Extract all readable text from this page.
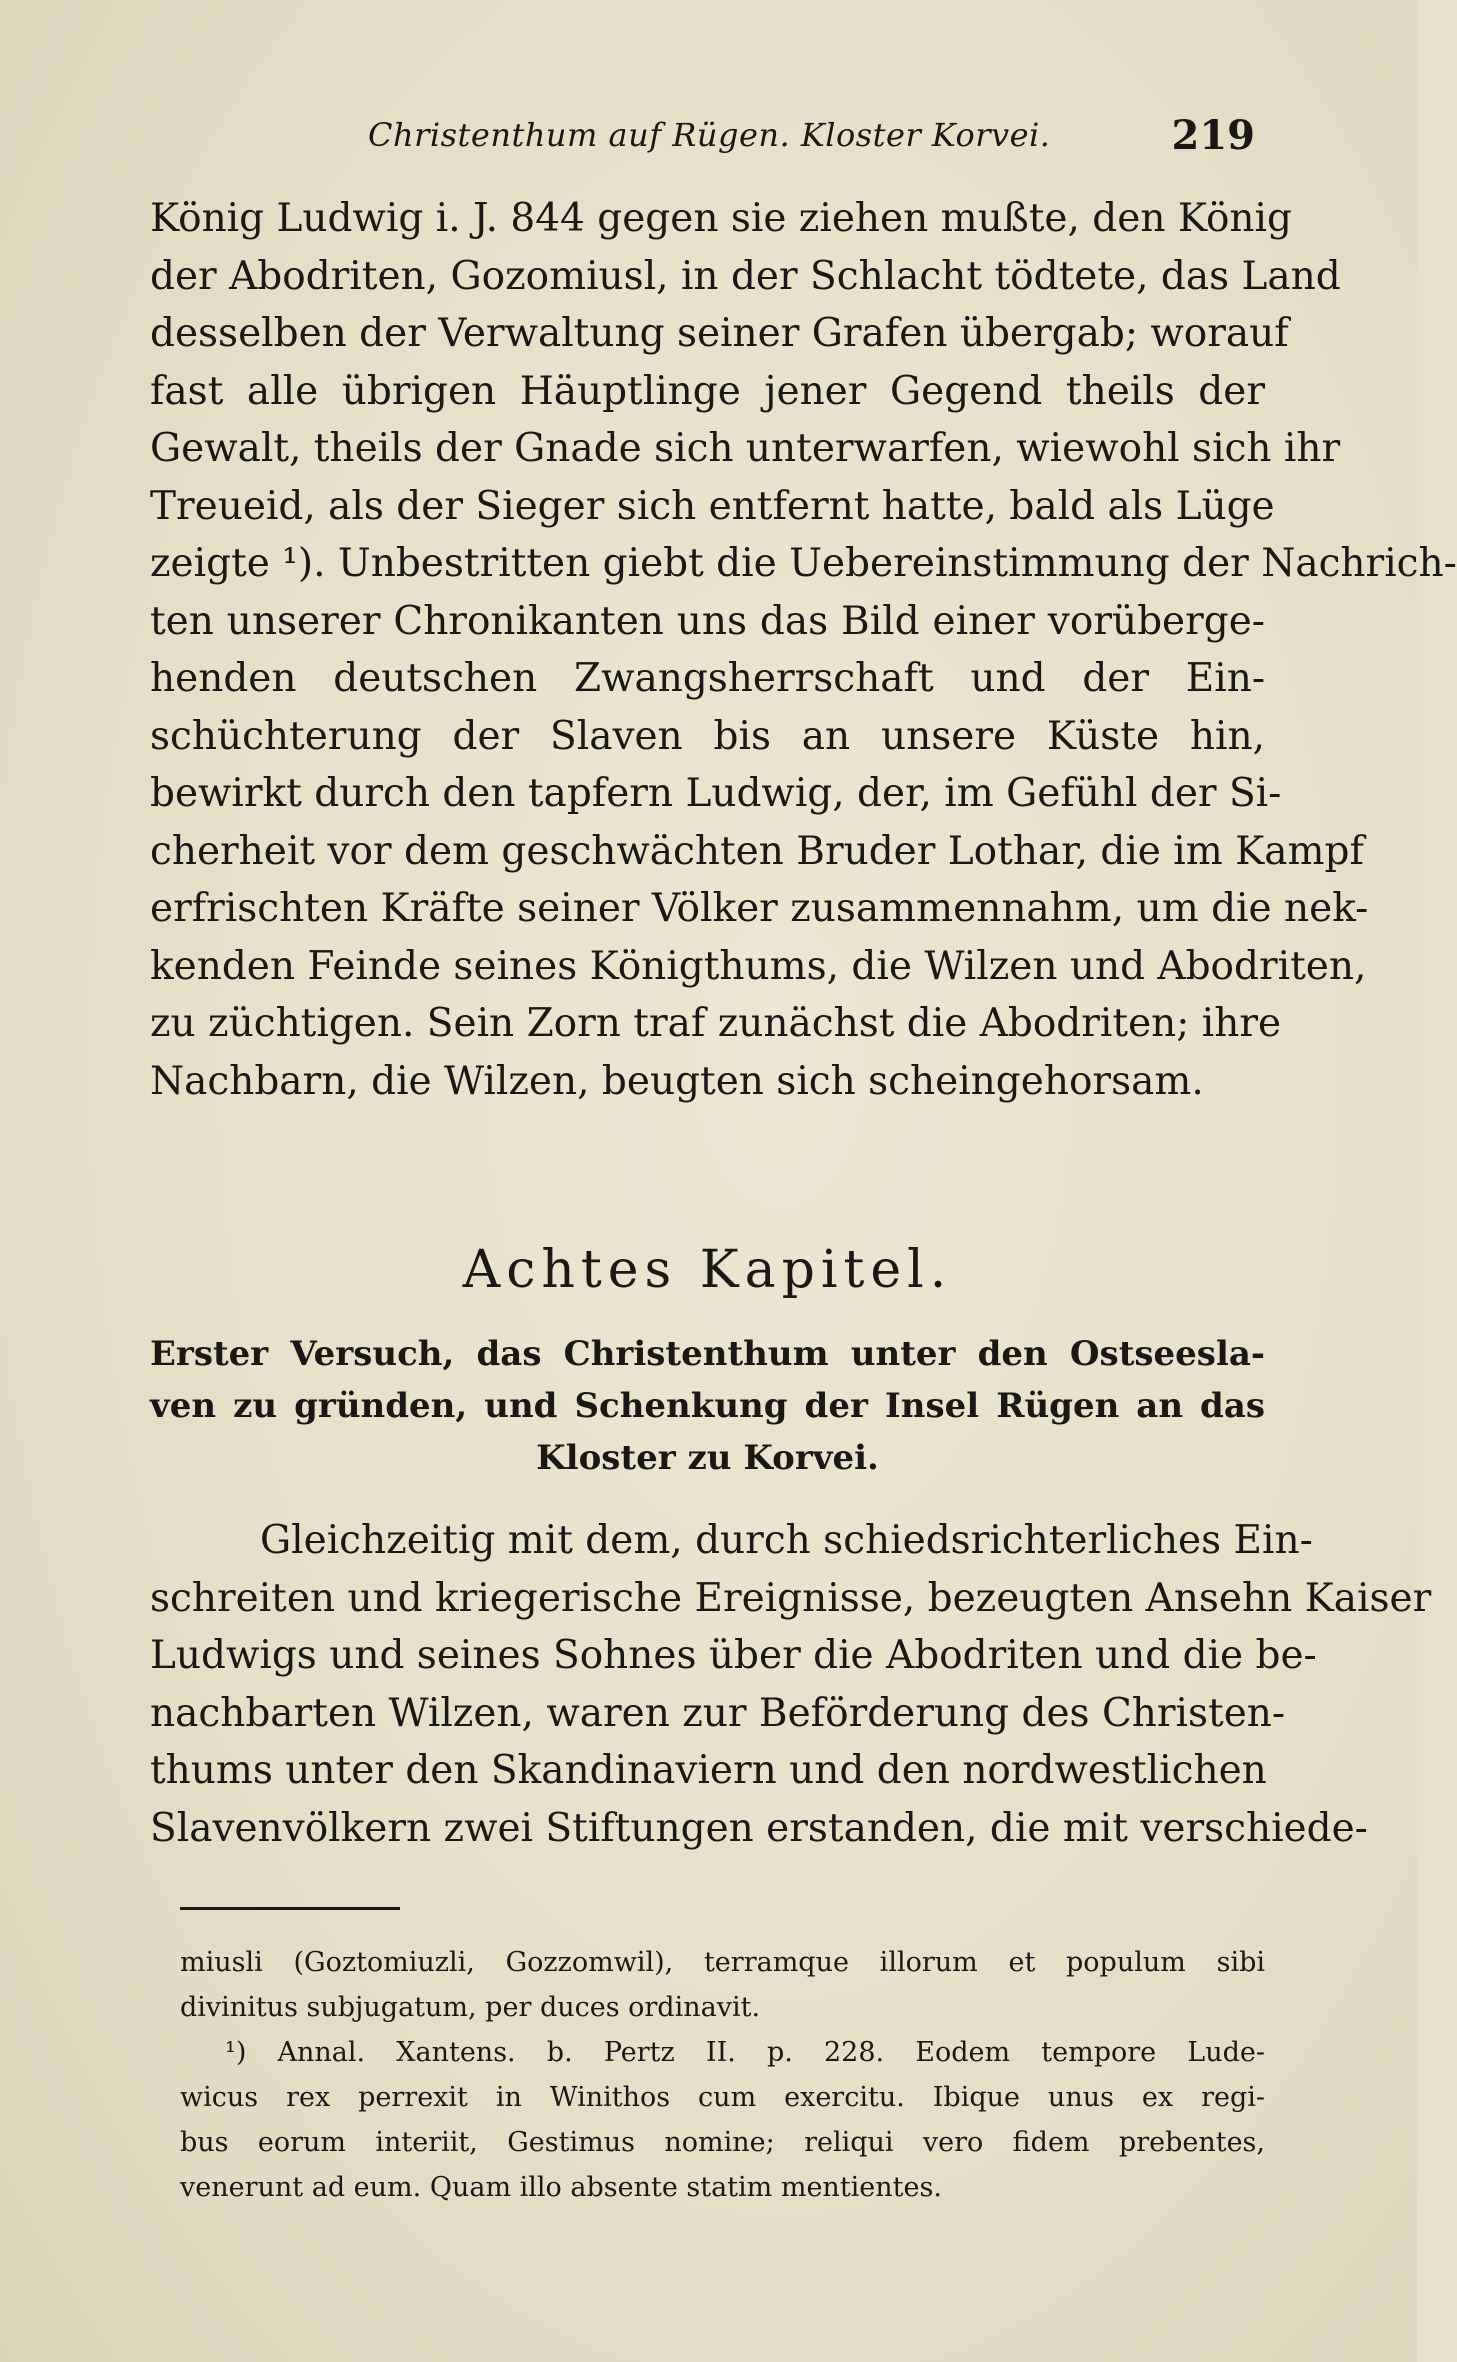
Christenthum auf Rügen. Kloster Korvei.	219
König Ludwig i. J. 844 gegen sie ziehen mußte, den König
der Abodriten, Gozomiusl, in der Schlacht tödtete, das Land
desselben der Verwaltung seiner Grafen übergab; worauf
fast alle übrigen Häuptlinge jener Gegend theils der
Gewalt, theils der Gnade sich unterwarfen, wiewohl sich ihr
Treueid, als der Sieger sich entfernt hatte, bald als Lüge
zeigte ¹). Unbestritten giebt die Uebereinstimmung der Nachrich-
ten unserer Chronikanten uns das Bild einer vorüberge-
henden deutschen Zwangsherrschaft und der Ein-
schüchterung der Slaven bis an unsere Küste hin,
bewirkt durch den tapfern Ludwig, der, im Gefühl der Si-
cherheit vor dem geschwächten Bruder Lothar, die im Kampf
erfrischten Kräfte seiner Völker zusammennahm, um die nek-
kenden Feinde seines Königthums, die Wilzen und Abodriten,
zu züchtigen. Sein Zorn traf zunächst die Abodriten; ihre
Nachbarn, die Wilzen, beugten sich scheingehorsam.
Achtes Kapitel.
Erster Versuch, das Christenthum unter den Ostseesla-
ven zu gründen, und Schenkung der Insel Rügen an das
Kloster zu Korvei.
Gleichzeitig mit dem, durch schiedsrichterliches Ein-
schreiten und kriegerische Ereignisse, bezeugten Ansehn Kaiser
Ludwigs und seines Sohnes über die Abodriten und die be-
nachbarten Wilzen, waren zur Beförderung des Christen-
thums unter den Skandinaviern und den nordwestlichen
Slavenvölkern zwei Stiftungen erstanden, die mit verschiede-
miusli (Goztomiuzli, Gozzomwil), terramque illorum et populum sibi
divinitus subjugatum, per duces ordinavit.
¹) Annal. Xantens. b. Pertz II. p. 228. Eodem tempore Lude-
wicus rex perrexit in Winithos cum exercitu. Ibique unus ex regi-
bus eorum interiit, Gestimus nomine; reliqui vero fidem prebentes,
venerunt ad eum. Quam illo absente statim mentientes.
